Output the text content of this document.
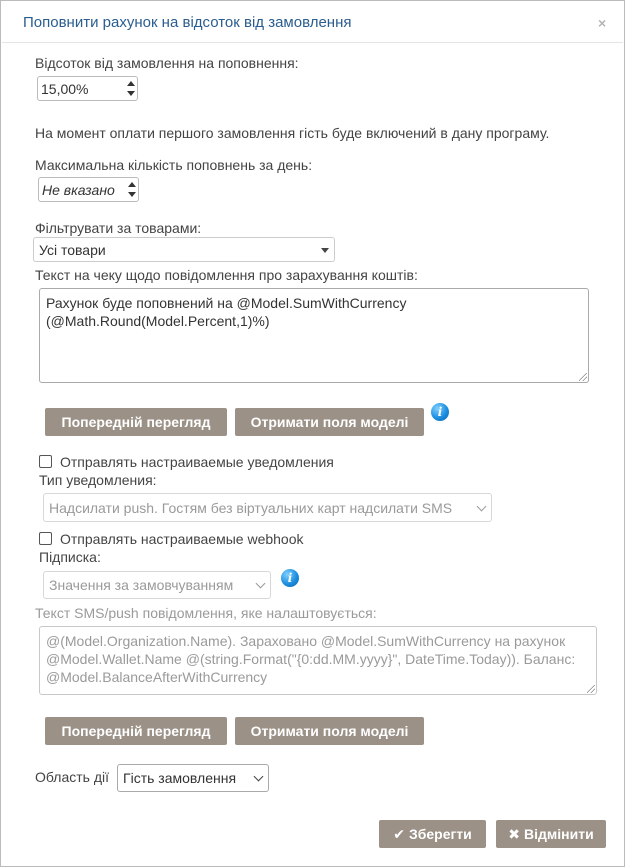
Поповнити рахунок на відсоток від замовлення	×
Відсоток від замовлення на поповнення:
15,00%
На момент оплати першого замовлення гість буде включений в дану програму.
Максимальна кількість поповнень за день:
Не вказано
Фільтрувати за товарами:
Усі товари
Текст на чеку щодо повідомлення про зарахування коштів:
Рахунок буде поповнений на @Model.SumWithCurrency (@Math.Round(Model.Percent,1)%)
Попередній перегляд	Отримати поля моделі
i
Отправлять настраиваемые уведомления
Тип уведомления:
Надсилати push. Гостям без віртуальних карт надсилати SMS
Отправлять настраиваемые webhook
Підписка:
Значення за замовчуванням	i
Текст SMS/push повідомлення, яке налаштовується:
@(Model.Organization.Name). Зараховано @Model.SumWithCurrency на рахунок @Model.Wallet.Name @(string.Format("{0:dd.MM.yyyy}", DateTime.Today)). Баланс: @Model.BalanceAfterWithCurrency
Попередній перегляд	Отримати поля моделі
Область дії Гість замовлення
✔ Зберегти	✖ Відмінити
